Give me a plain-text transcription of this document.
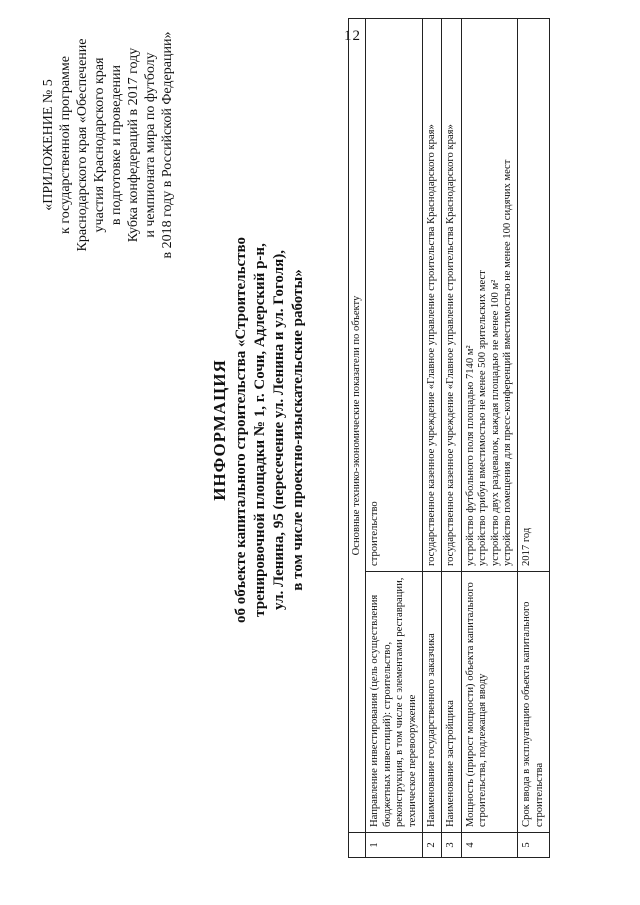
12
«ПРИЛОЖЕНИЕ № 5 к государственной программе Краснодарского края «Обеспечение участия Краснодарского края в подготовке и проведении Кубка конфедераций в 2017 году и чемпионата мира по футболу в 2018 году в Российской Федерации»
ИНФОРМАЦИЯ об объекте капитального строительства «Строительство тренировочной площадки № 1, г. Сочи, Адлерский р-н, ул. Ленина, 95 (пересечение ул. Ленина и ул. Гоголя), в том числе проектно-изыскательские работы»
		Основные технико-экономические показатели по объекту	
1	Направление инвестирования (цель осуществления бюджетных инвестиций): строительство, реконструкция, в том числе с элементами реставрации, техническое перевооружение	строительство

2	Наименование государственного заказчика	государственное казенное учреждение «Главное управление строительства Краснодарского края»

3	Наименование застройщика	государственное казенное учреждение «Главное управление строительства Краснодарского края»

4	Мощность (прирост мощности) объекта капитального строительства, подлежащая вводу	устройство футбольного поля площадью 7140 м² устройство трибун вместимостью не менее 500 зрительских мест устройство двух раздевалок, каждая площадью не менее 100 м² устройство помещения для пресс-конференций вместимостью не менее 100 сидячих мест

5	Срок ввода в эксплуатацию объекта капитального строительства	2017 год
